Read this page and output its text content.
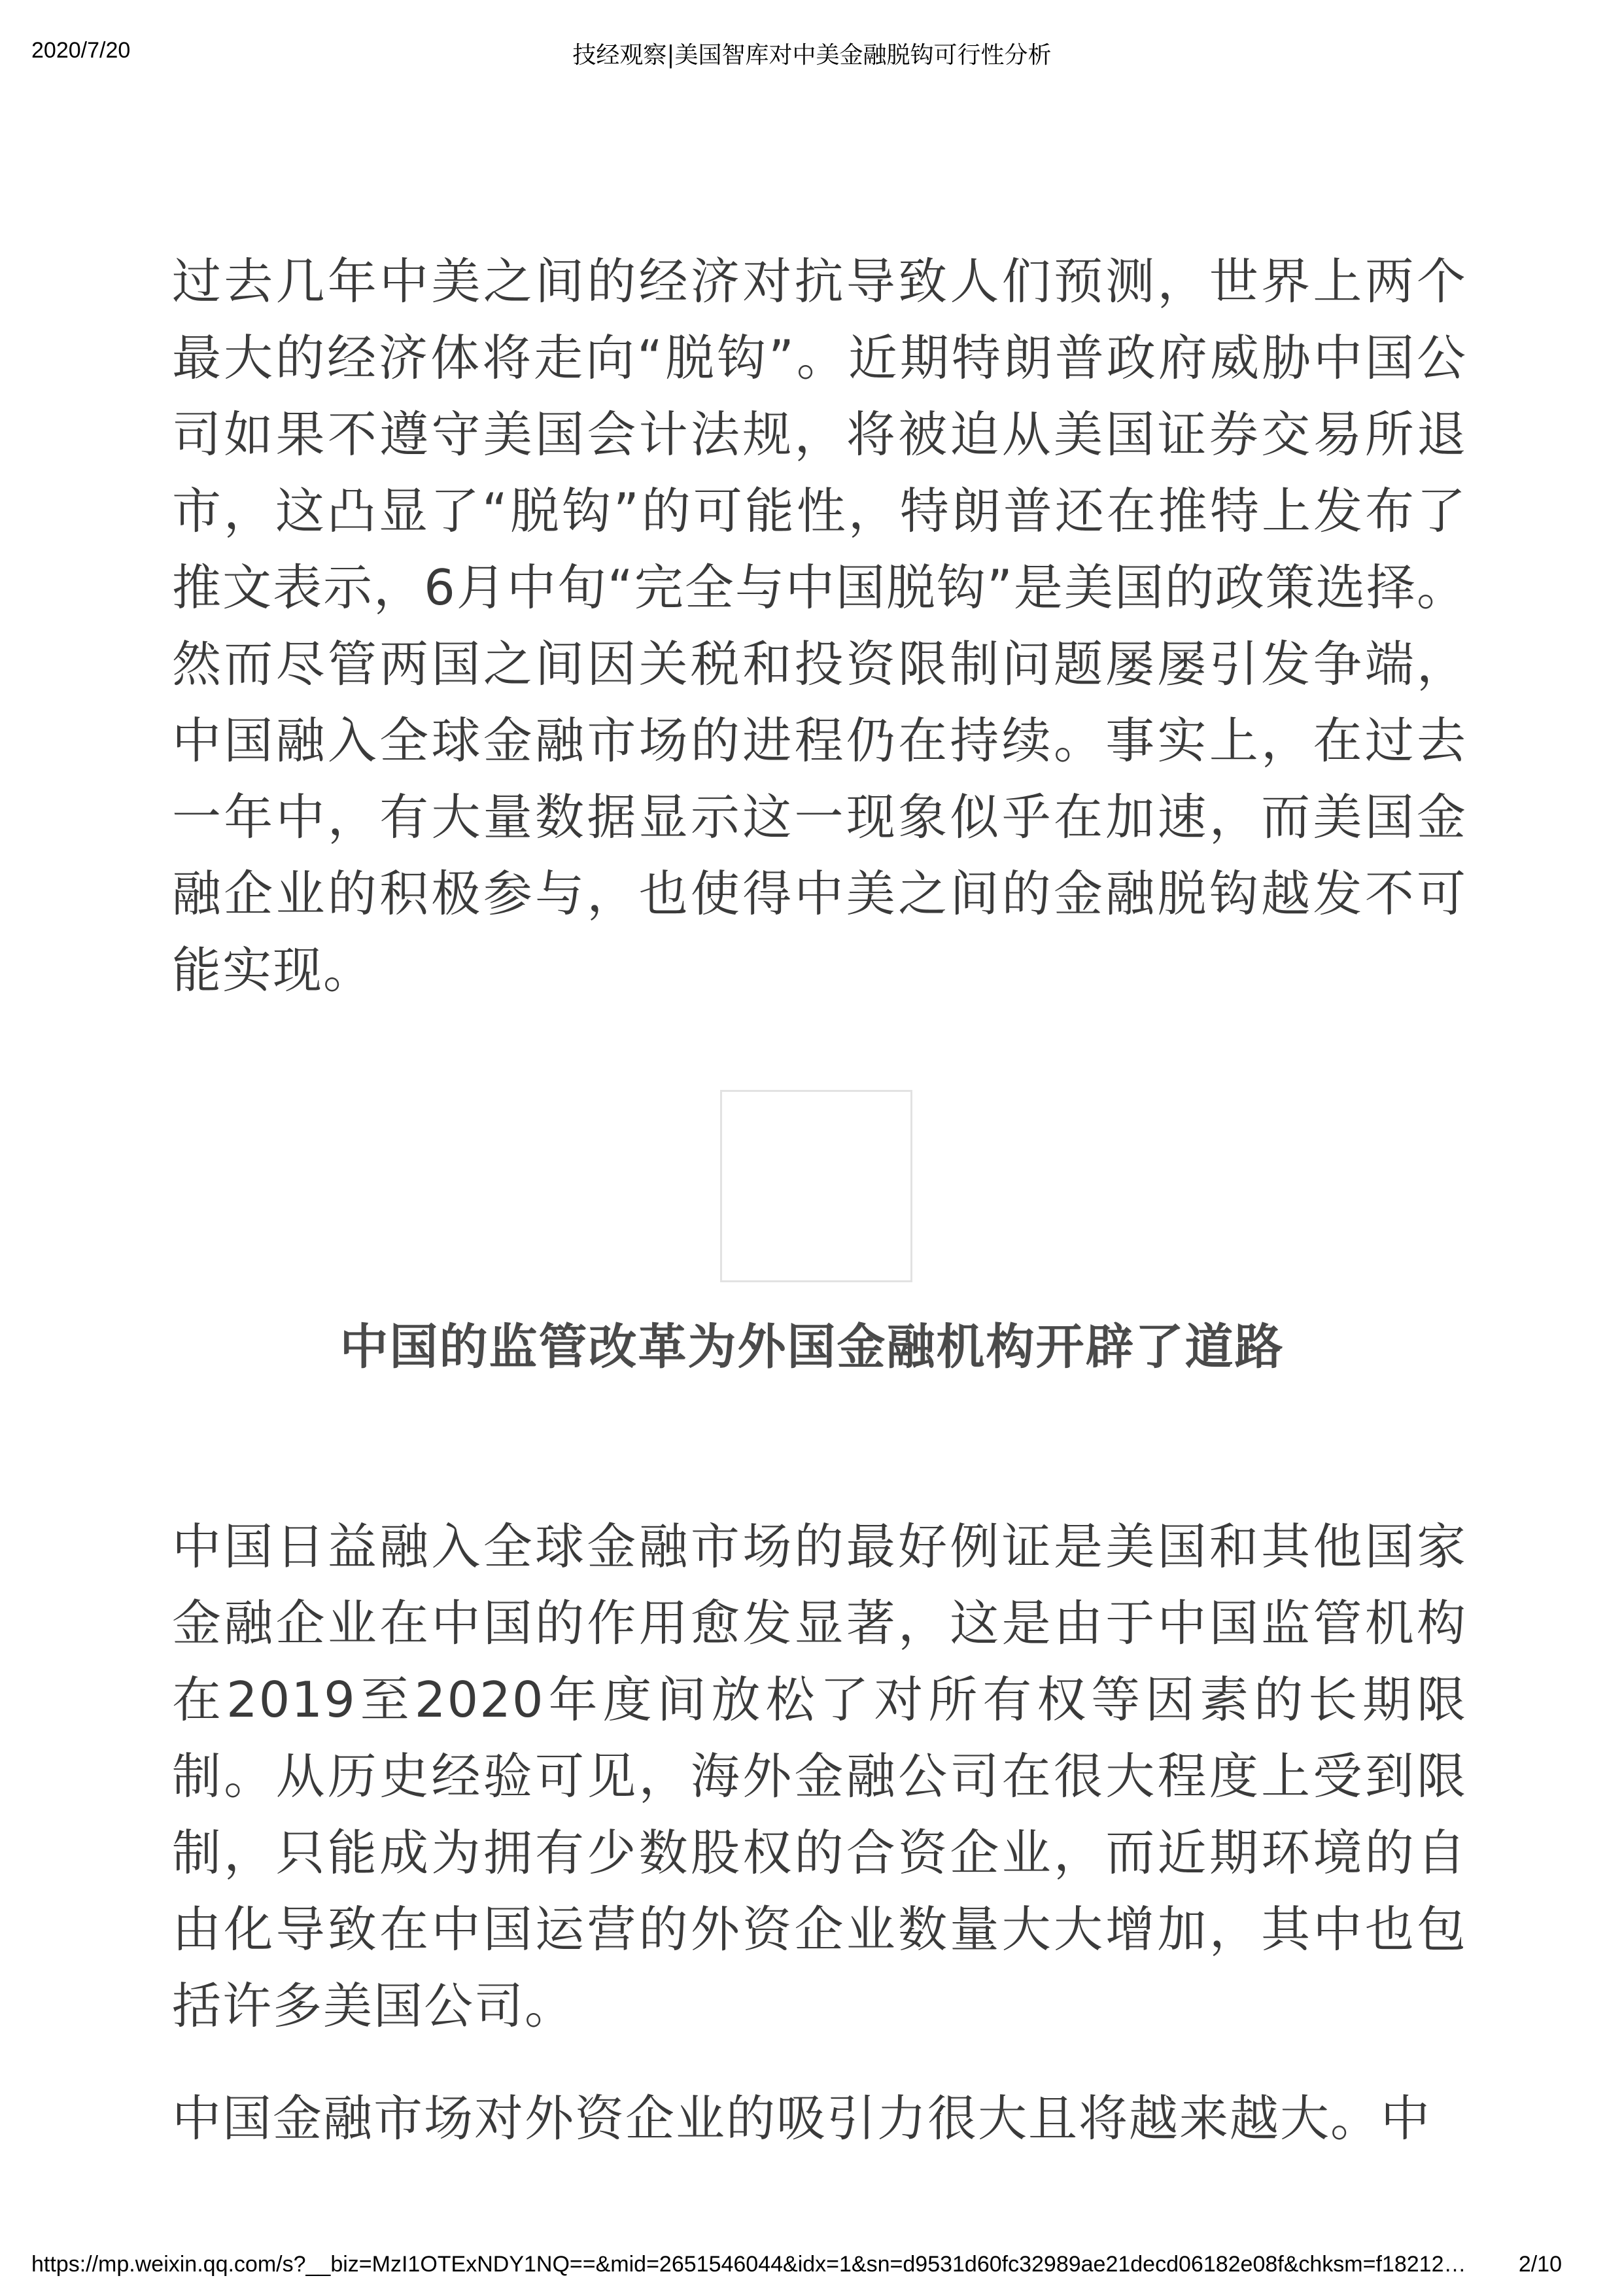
2020/7/20	技经观察|美国智库对中美金融脱钩可行性分析

过去几年中美之间的经济对抗导致人们预测，世界上两个最大的经济体将走向“脱钩”。近期特朗普政府威胁中国公司如果不遵守美国会计法规，将被迫从美国证券交易所退市，这凸显了“脱钩”的可能性，特朗普还在推特上发布了推文表示，6月中旬“完全与中国脱钩”是美国的政策选择。然而尽管两国之间因关税和投资限制问题屡屡引发争端，中国融入全球金融市场的进程仍在持续。事实上，在过去一年中，有大量数据显示这一现象似乎在加速，而美国金融企业的积极参与，也使得中美之间的金融脱钩越发不可能实现。

中国的监管改革为外国金融机构开辟了道路

中国日益融入全球金融市场的最好例证是美国和其他国家金融企业在中国的作用愈发显著，这是由于中国监管机构在2019至2020年度间放松了对所有权等因素的长期限制。从历史经验可见，海外金融公司在很大程度上受到限制，只能成为拥有少数股权的合资企业，而近期环境的自由化导致在中国运营的外资企业数量大大增加，其中也包括许多美国公司。

中国金融市场对外资企业的吸引力很大且将越来越大。中

https://mp.weixin.qq.com/s?__biz=MzI1OTExNDY1NQ==&mid=2651546044&idx=1&sn=d9531d60fc32989ae21decd06182e08f&chksm=f18212…	2/10
